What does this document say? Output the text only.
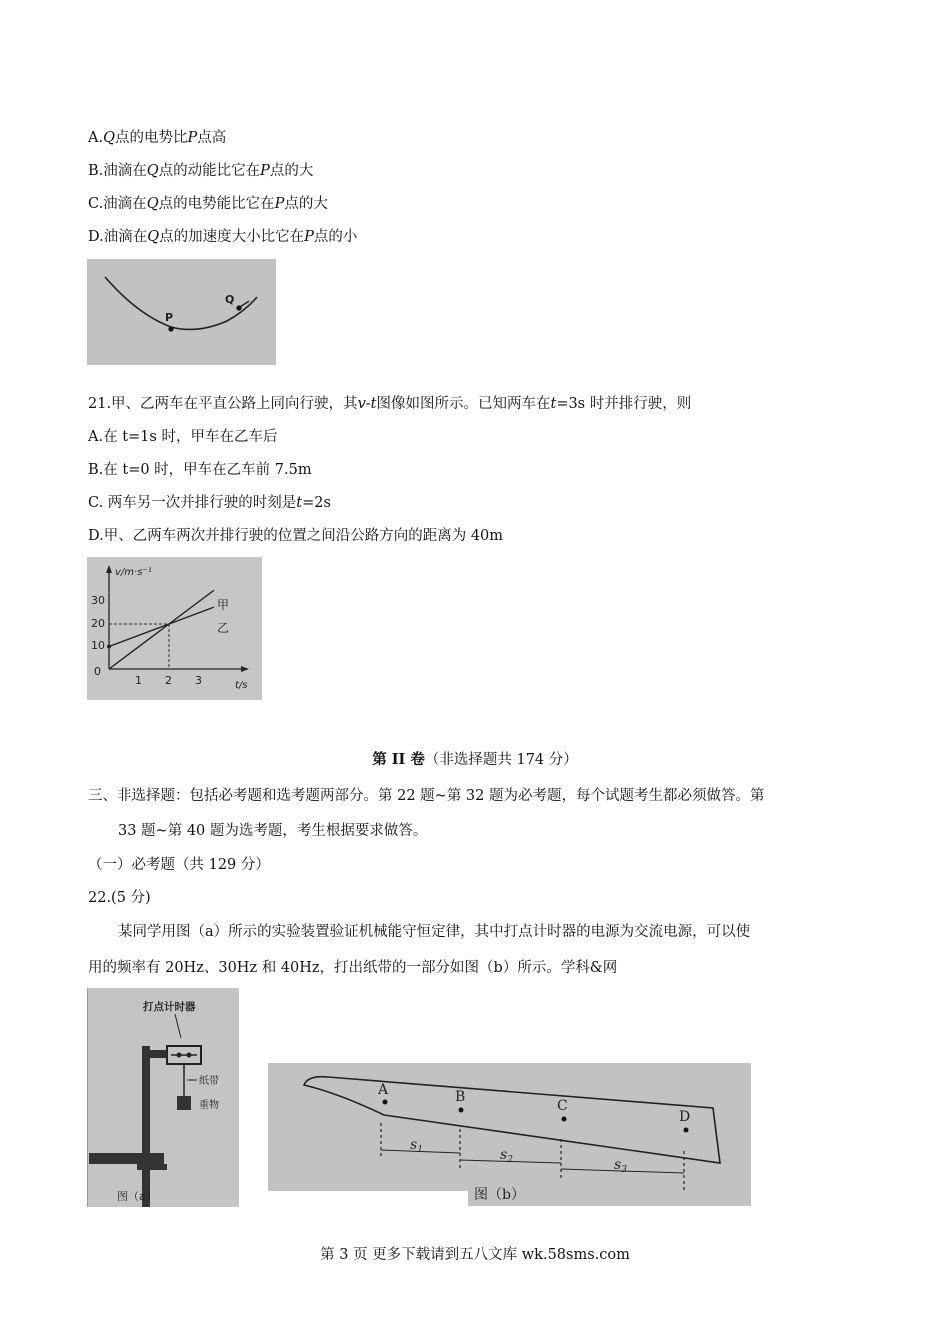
A.Q点的电势比P点高
B.油滴在Q点的动能比它在P点的大
C.油滴在Q点的电势能比它在P点的大
D.油滴在Q点的加速度大小比它在P点的小
P
Q
21.甲、乙两车在平直公路上同向行驶，其v-t图像如图所示。已知两车在t=3s 时并排行驶，则
A.在 t=1s 时，甲车在乙车后
B.在 t=0 时，甲车在乙车前 7.5m
C. 两车另一次并排行驶的时刻是t=2s
D.甲、乙两车两次并排行驶的位置之间沿公路方向的距离为 40m
v/m·s⁻¹
t/s
30
20
10
0
1 2 3
甲
乙
第 II 卷（非选择题共 174 分）
三、非选择题：包括必考题和选考题两部分。第 22 题~第 32 题为必考题，每个试题考生都必须做答。第
33 题~第 40 题为选考题，考生根据要求做答。
（一）必考题（共 129 分）
22.(5 分)
某同学用图（a）所示的实验装置验证机械能守恒定律，其中打点计时器的电源为交流电源，可以使
用的频率有 20Hz、30Hz 和 40Hz，打出纸带的一部分如图（b）所示。学科&网
打点计时器
纸带
重物
图（a）
A	B
C
D
$s_1$	$s_2$	$s_3$
图（b）
第 3 页 更多下载请到五八文库 wk.58sms.com
